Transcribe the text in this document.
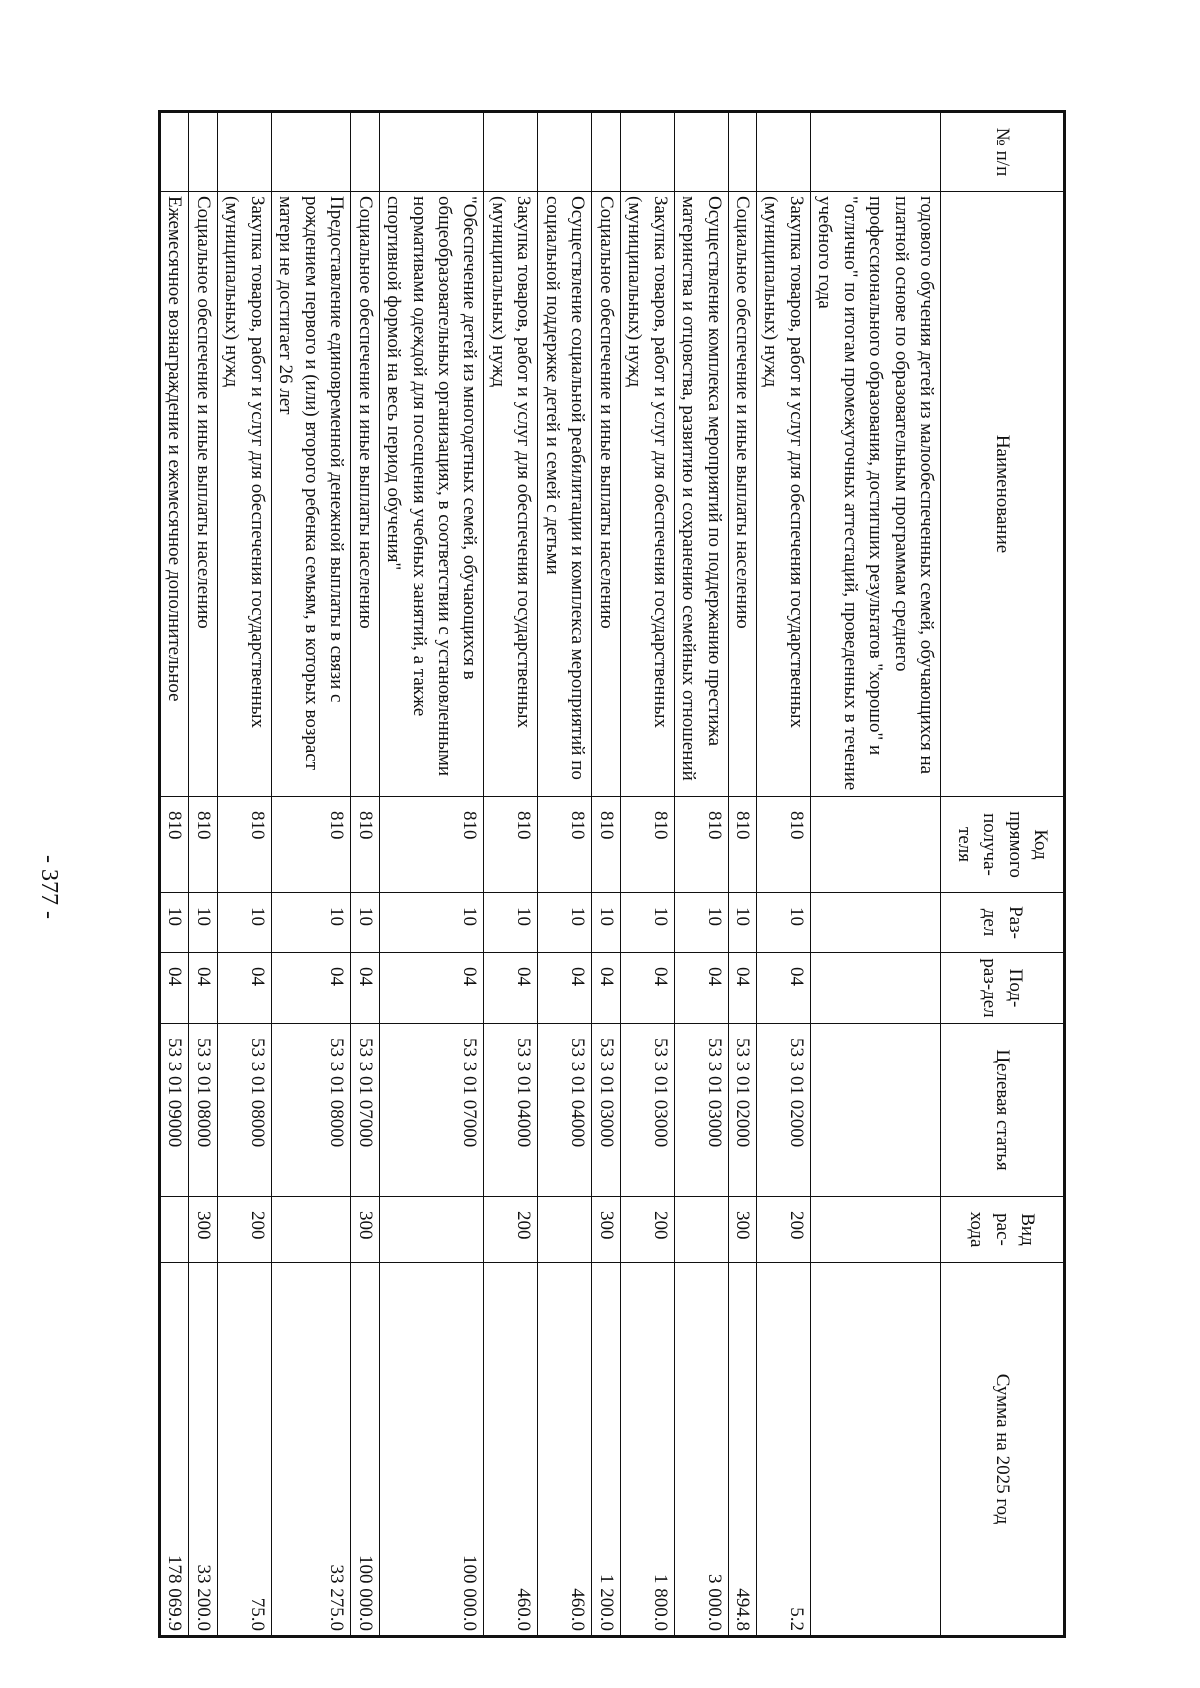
- 377 -
№ п/п	Наименование	Код прямого получа-теля	Раз-дел	Под-раз-дел	Целевая статья	Вид рас-хода	Сумма на 2025 год
	годового обучения детей из малообеспеченных семей, обучающихся на платной основе по образовательным программам среднего профессионального образования, достигших результатов "хорошо" и "отлично" по итогам промежуточных аттестаций, проведенных в течение учебного года						
	Закупка товаров, работ и услуг для обеспечения государственных (муниципальных) нужд	810	10	04	53 3 01 02000	200	5.2
	Социальное обеспечение и иные выплаты населению	810	10	04	53 3 01 02000	300	494.8
	Осуществление комплекса мероприятий по поддержанию престижа материнства и отцовства, развитию и сохранению семейных отношений	810	10	04	53 3 01 03000		3 000.0
	Закупка товаров, работ и услуг для обеспечения государственных (муниципальных) нужд	810	10	04	53 3 01 03000	200	1 800.0
	Социальное обеспечение и иные выплаты населению	810	10	04	53 3 01 03000	300	1 200.0
	Осуществление социальной реабилитации и комплекса мероприятий по социальной поддержке детей и семей с детьми	810	10	04	53 3 01 04000		460.0
	Закупка товаров, работ и услуг для обеспечения государственных (муниципальных) нужд	810	10	04	53 3 01 04000	200	460.0
	"Обеспечение детей из многодетных семей, обучающихся в общеобразовательных организациях, в соответствии с установленными нормативами одеждой для посещения учебных занятий, а также спортивной формой на весь период обучения"	810	10	04	53 3 01 07000		100 000.0
	Социальное обеспечение и иные выплаты населению	810	10	04	53 3 01 07000	300	100 000.0
	Предоставление единовременной денежной выплаты в связи с рождением первого и (или) второго ребенка семьям, в которых возраст матери не достигает 26 лет	810	10	04	53 3 01 08000		33 275.0
	Закупка товаров, работ и услуг для обеспечения государственных (муниципальных) нужд	810	10	04	53 3 01 08000	200	75.0
	Социальное обеспечение и иные выплаты населению	810	10	04	53 3 01 08000	300	33 200.0
	Ежемесячное вознаграждение и ежемесячное дополнительное	810	10	04	53 3 01 09000		178 069.9
